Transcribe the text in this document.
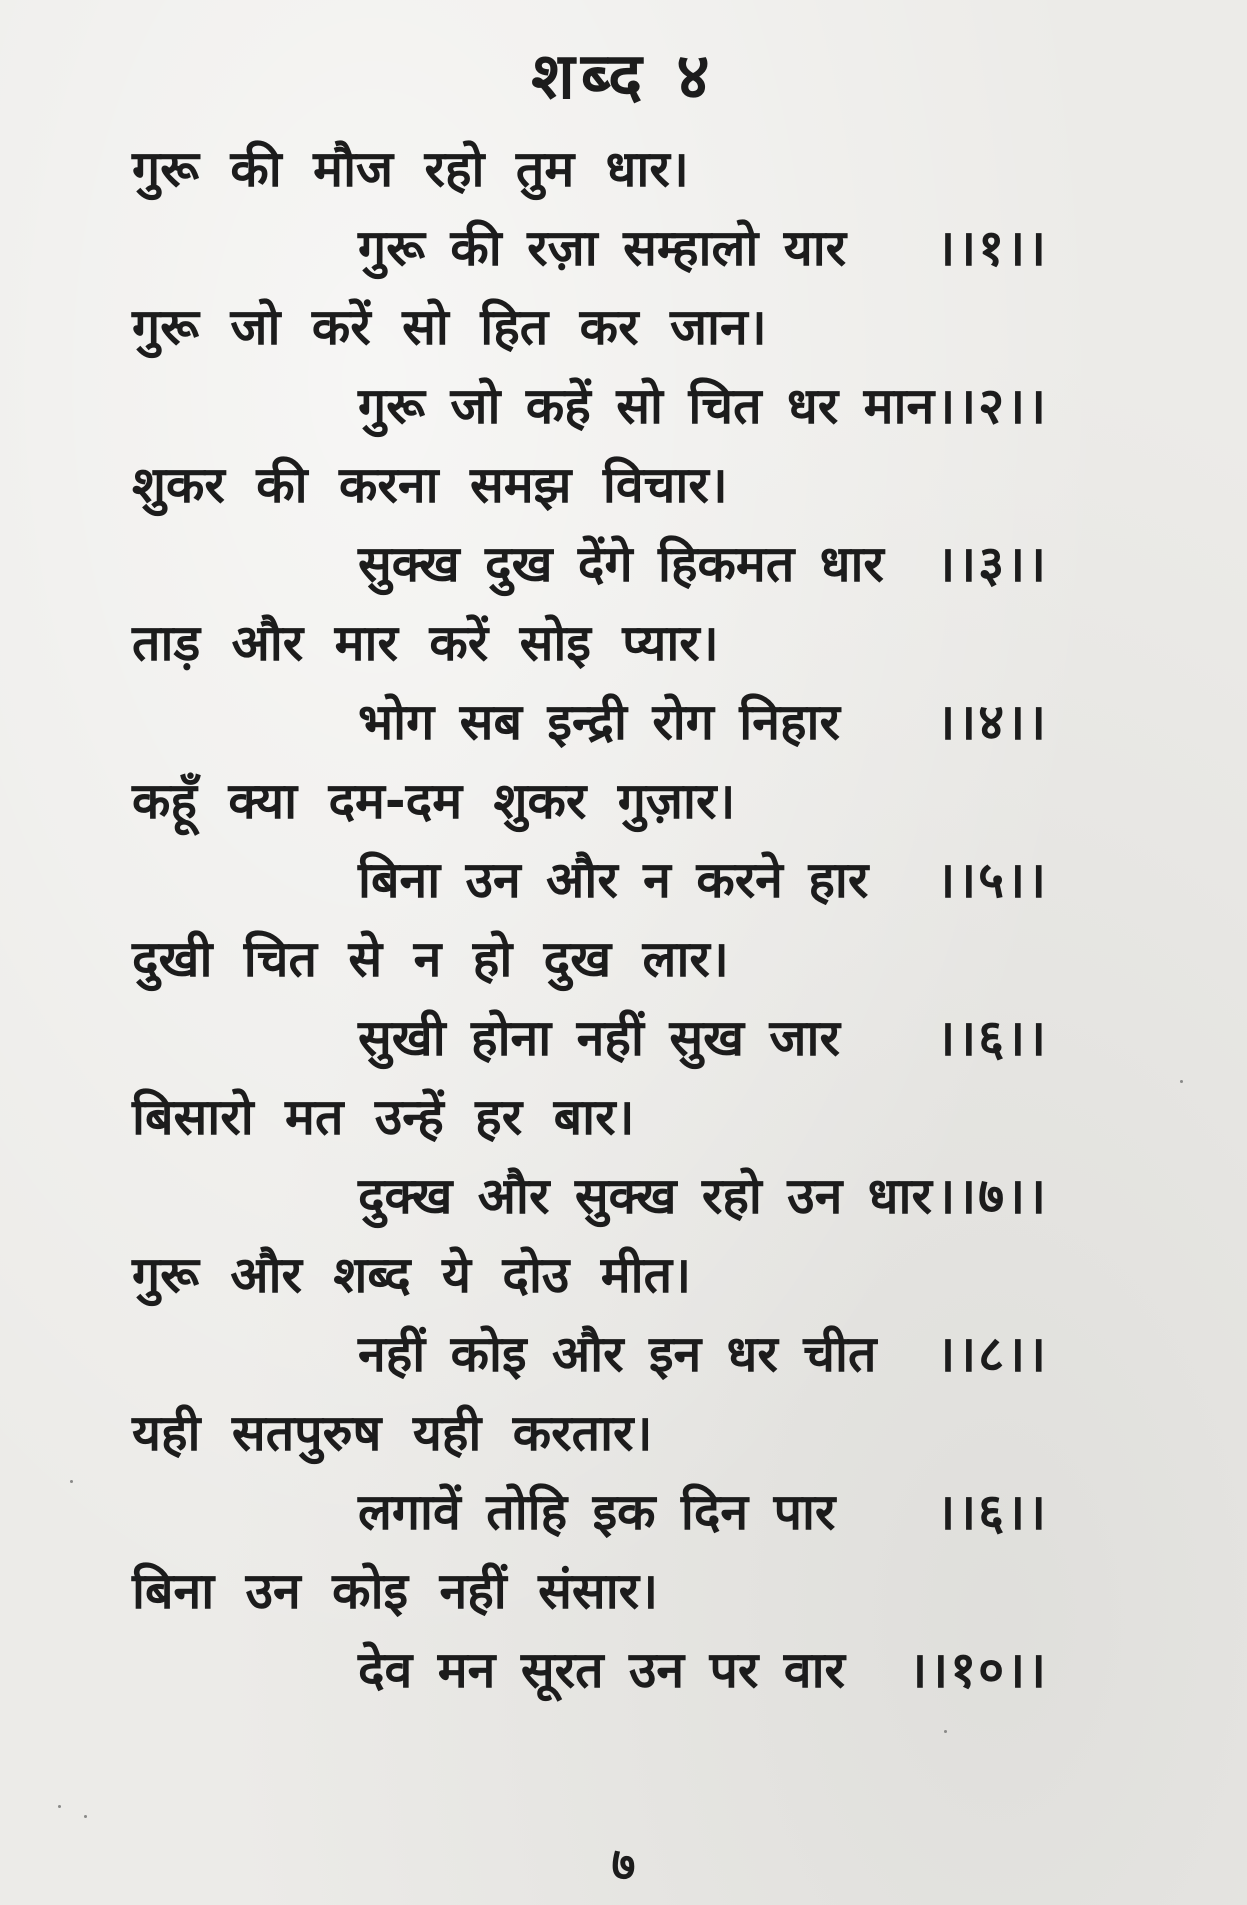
शब्द ४
गुरू की मौज रहो तुम धार।
गुरू की रज़ा सम्हालो यार ।।१।।
गुरू जो करें सो हित कर जान।
गुरू जो कहें सो चित धर मान ।।२।।
शुकर की करना समझ विचार।
सुक्ख दुख देंगे हिकमत धार ।।३।।
ताड़ और मार करें सोइ प्यार।
भोग सब इन्द्री रोग निहार ।।४।।
कहूँ क्या दम-दम शुकर गुज़ार।
बिना उन और न करने हार ।।५।।
दुखी चित से न हो दुख लार।
सुखी होना नहीं सुख जार ।।६।।
बिसारो मत उन्हें हर बार।
दुक्ख और सुक्ख रहो उन धार ।।७।।
गुरू और शब्द ये दोउ मीत।
नहीं कोइ और इन धर चीत ।।८।।
यही सतपुरुष यही करतार।
लगावें तोहि इक दिन पार ।।६।।
बिना उन कोइ नहीं संसार।
देव मन सूरत उन पर वार ।।१०।।
७
